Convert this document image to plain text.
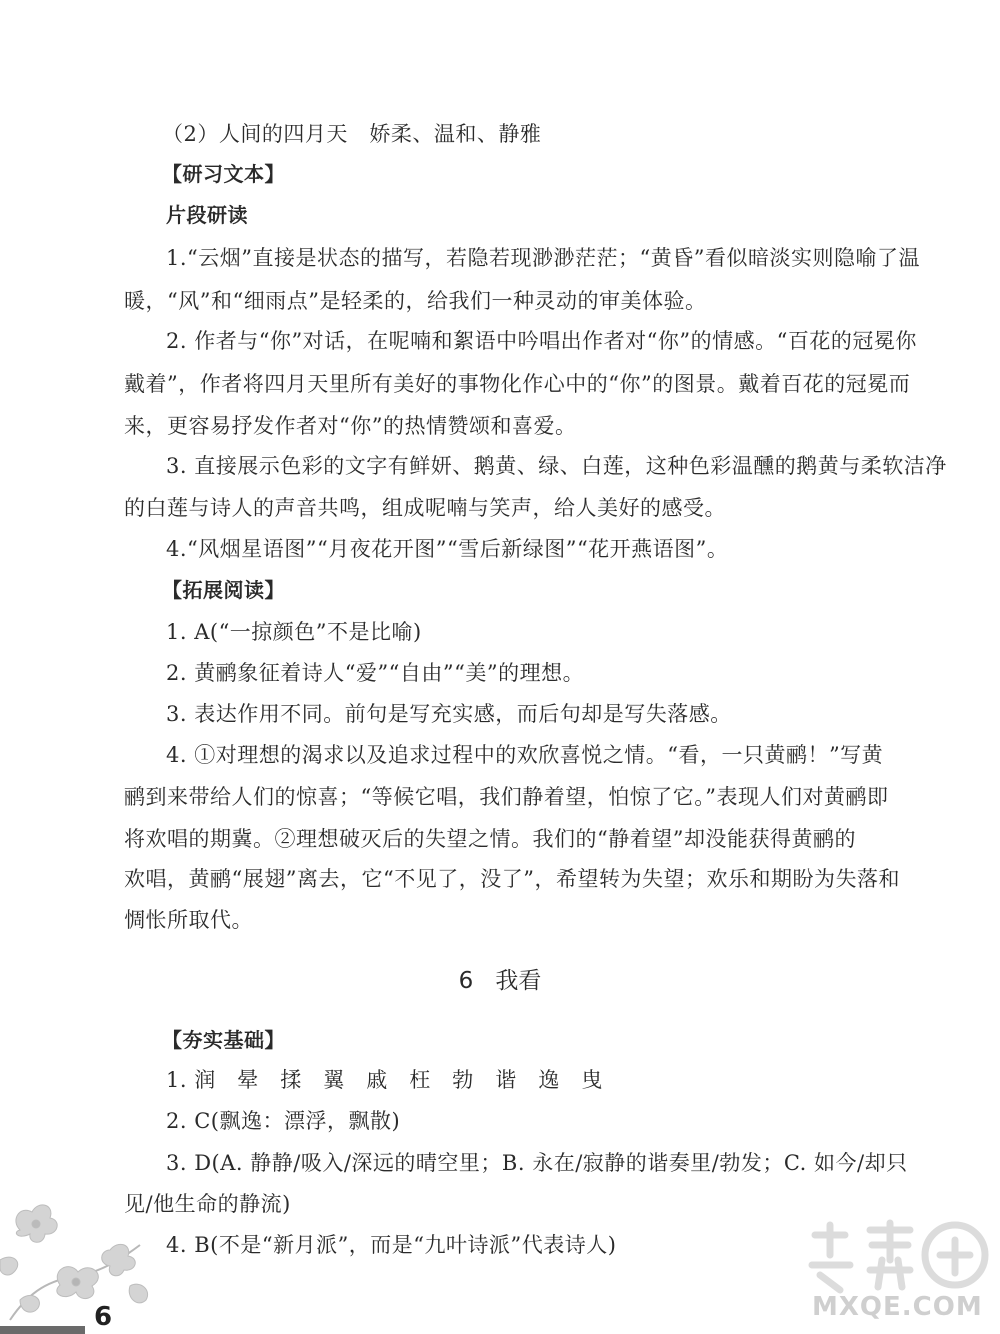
（2）人间的四月天　娇柔、温和、静雅
【研习文本】
片段研读
1.“云烟”直接是状态的描写，若隐若现渺渺茫茫；“黄昏”看似暗淡实则隐喻了温
暖，“风”和“细雨点”是轻柔的，给我们一种灵动的审美体验。
2. 作者与“你”对话，在呢喃和絮语中吟唱出作者对“你”的情感。“百花的冠冕你
戴着”，作者将四月天里所有美好的事物化作心中的“你”的图景。戴着百花的冠冕而
来，更容易抒发作者对“你”的热情赞颂和喜爱。
3. 直接展示色彩的文字有鲜妍、鹅黄、绿、白莲，这种色彩温醺的鹅黄与柔软洁净
的白莲与诗人的声音共鸣，组成呢喃与笑声，给人美好的感受。
4.“风烟星语图”“月夜花开图”“雪后新绿图”“花开燕语图”。
【拓展阅读】
1. A(“一掠颜色”不是比喻)
2. 黄鹂象征着诗人“爱”“自由”“美”的理想。
3. 表达作用不同。前句是写充实感，而后句却是写失落感。
4. ①对理想的渴求以及追求过程中的欢欣喜悦之情。“看，一只黄鹂！”写黄
鹂到来带给人们的惊喜；“等候它唱，我们静着望，怕惊了它。”表现人们对黄鹂即
将欢唱的期冀。②理想破灭后的失望之情。我们的“静着望”却没能获得黄鹂的
欢唱，黄鹂“展翅”离去，它“不见了，没了”，希望转为失望；欢乐和期盼为失落和
惆怅所取代。
6 我看
【夯实基础】
1. 润　晕　揉　翼　戚　枉　勃　谐　逸　曳
2. C(飘逸：漂浮，飘散)
3. D(A. 静静/吸入/深远的晴空里；B. 永在/寂静的谐奏里/勃发；C. 如今/却只
见/他生命的静流)
4. B(不是“新月派”，而是“九叶诗派”代表诗人)
MXQE.COM
6
